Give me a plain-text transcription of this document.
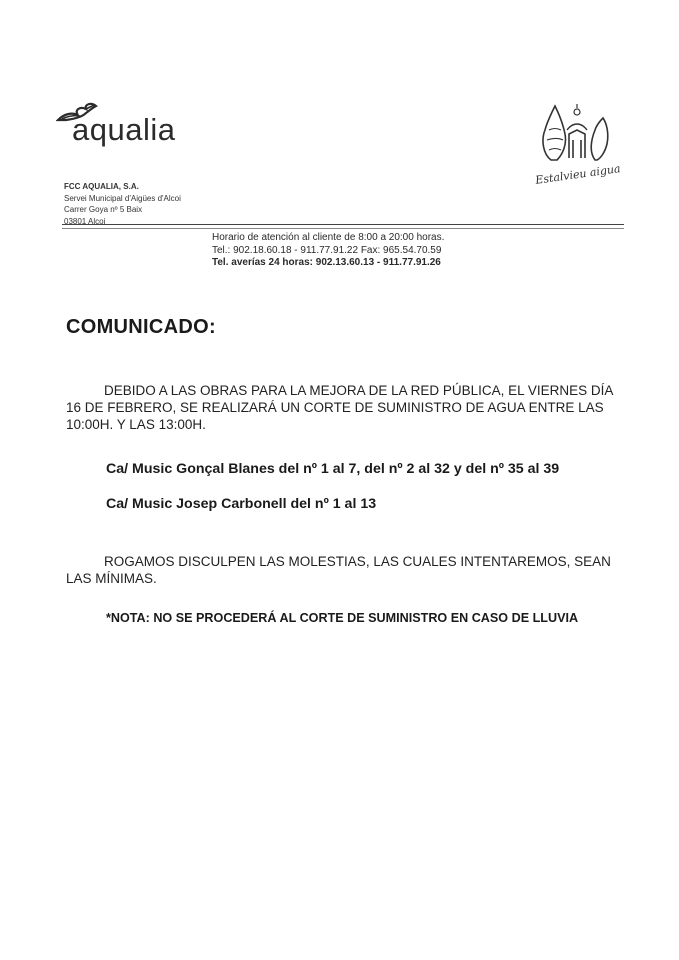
aqualia
FCC AQUALIA, S.A.
Servei Municipal d'Aigües d'Alcoi
Carrer Goya nº 5 Baix
03801 Alcoi
Estalvieu aigua
Horario de atención al cliente de 8:00 a 20:00 horas.
Tel.: 902.18.60.18 - 911.77.91.22 Fax: 965.54.70.59
Tel. averías 24 horas: 902.13.60.13 - 911.77.91.26
COMUNICADO:
DEBIDO A LAS OBRAS PARA LA MEJORA DE LA RED PÚBLICA, EL VIERNES DÍA
16 DE FEBRERO, SE REALIZARÁ UN CORTE DE SUMINISTRO DE AGUA ENTRE LAS
10:00H. Y LAS 13:00H.
Ca/ Music Gonçal Blanes del nº 1 al 7, del nº 2 al 32 y del nº 35 al 39
Ca/ Music Josep Carbonell del nº 1 al 13
ROGAMOS DISCULPEN LAS MOLESTIAS, LAS CUALES INTENTAREMOS, SEAN
LAS MÍNIMAS.
*NOTA: NO SE PROCEDERÁ AL CORTE DE SUMINISTRO EN CASO DE LLUVIA
